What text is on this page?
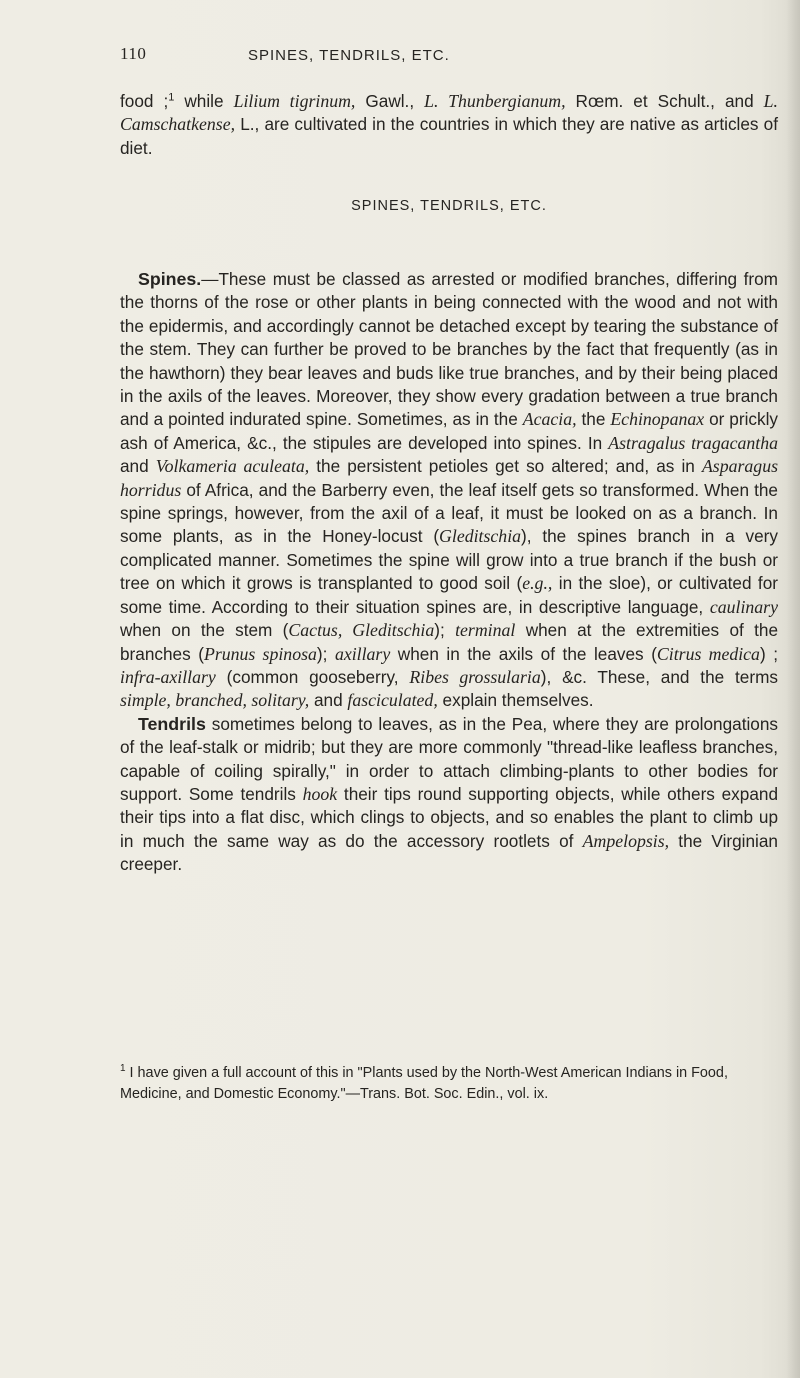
110	SPINES, TENDRILS, ETC.

food ;$^1$ while Lilium tigrinum, Gawl., L. Thunbergianum, Rœm. et Schult., and L. Camschatkense, L., are cultivated in the countries in which they are native as articles of diet.

SPINES, TENDRILS, ETC.

Spines.—These must be classed as arrested or modified branches, differing from the thorns of the rose or other plants in being connected with the wood and not with the epidermis, and accordingly cannot be detached except by tearing the substance of the stem. They can further be proved to be branches by the fact that frequently (as in the hawthorn) they bear leaves and buds like true branches, and by their being placed in the axils of the leaves. Moreover, they show every gradation between a true branch and a pointed indurated spine. Sometimes, as in the Acacia, the Echinopanax or prickly ash of America, &c., the stipules are developed into spines. In Astragalus tragacantha and Volkameria aculeata, the persistent petioles get so altered; and, as in Asparagus horridus of Africa, and the Barberry even, the leaf itself gets so transformed. When the spine springs, however, from the axil of a leaf, it must be looked on as a branch. In some plants, as in the Honey-locust (Gleditschia), the spines branch in a very complicated manner. Sometimes the spine will grow into a true branch if the bush or tree on which it grows is transplanted to good soil (e.g., in the sloe), or cultivated for some time. According to their situation spines are, in descriptive language, caulinary when on the stem (Cactus, Gleditschia); terminal when at the extremities of the branches (Prunus spinosa); axillary when in the axils of the leaves (Citrus medica) ; infra-axillary (common gooseberry, Ribes grossularia), &c. These, and the terms simple, branched, solitary, and fasciculated, explain themselves.

Tendrils sometimes belong to leaves, as in the Pea, where they are prolongations of the leaf-stalk or midrib; but they are more commonly "thread-like leafless branches, capable of coiling spirally," in order to attach climbing-plants to other bodies for support. Some tendrils hook their tips round supporting objects, while others expand their tips into a flat disc, which clings to objects, and so enables the plant to climb up in much the same way as do the accessory rootlets of Ampelopsis, the Virginian creeper.

$^1$ I have given a full account of this in "Plants used by the North-West American Indians in Food, Medicine, and Domestic Economy."—Trans. Bot. Soc. Edin., vol. ix.
